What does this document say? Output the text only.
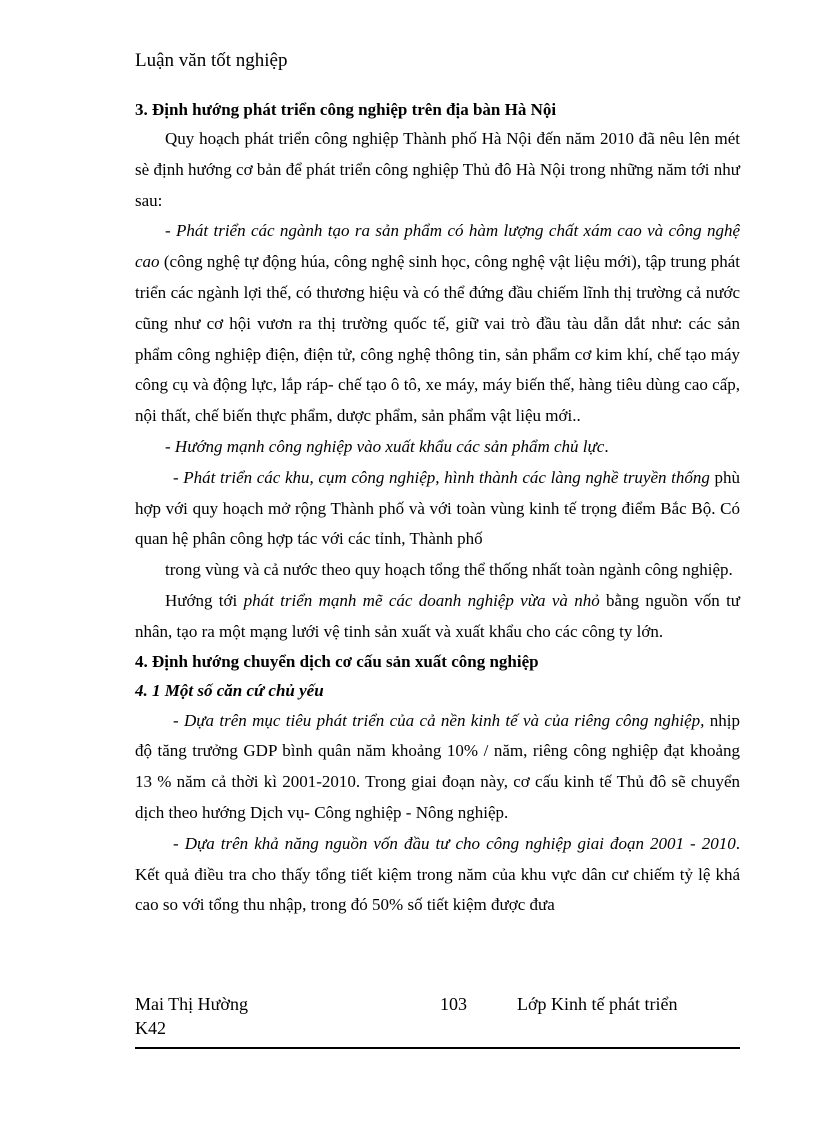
Luận văn tốt nghiệp

3. Định hướng phát triển công nghiệp trên địa bàn Hà Nội

Quy hoạch phát triển công nghiệp Thành phố Hà Nội đến năm 2010 đã nêu lên mét sè định hướng cơ bản để phát triển công nghiệp Thủ đô Hà Nội trong những năm tới như sau:

- Phát triển các ngành tạo ra sản phẩm có hàm lượng chất xám cao và công nghệ cao (công nghệ tự động húa, công nghệ sinh học, công nghệ vật liệu mới), tập trung phát triển các ngành lợi thế, có thương hiệu và có thể đứng đầu chiếm lĩnh thị trường cả nước cũng như cơ hội vươn ra thị trường quốc tế, giữ vai trò đầu tàu dẫn dắt như: các sản phẩm công nghiệp điện, điện tử, công nghệ thông tin, sản phẩm cơ kim khí, chế tạo máy công cụ và động lực, lắp ráp- chế tạo ô tô, xe máy, máy biến thế, hàng tiêu dùng cao cấp, nội thất, chế biến thực phẩm, dược phẩm, sản phẩm vật liệu mới..

- Hướng mạnh công nghiệp vào xuất khẩu các sản phẩm chủ lực.

- Phát triển các khu, cụm công nghiệp, hình thành các làng nghề truyền thống phù hợp với quy hoạch mở rộng Thành phố và với toàn vùng kinh tế trọng điểm Bắc Bộ. Có quan hệ phân công hợp tác với các tỉnh, Thành phố

trong vùng và cả nước theo quy hoạch tổng thể thống nhất toàn ngành công nghiệp.

Hướng tới phát triển mạnh mẽ các doanh nghiệp vừa và nhỏ bằng nguồn vốn tư nhân, tạo ra một mạng lưới vệ tinh sản xuất và xuất khẩu cho các công ty lớn.

4. Định hướng chuyển dịch cơ cấu sản xuất công nghiệp

4. 1 Một số căn cứ chủ yếu

- Dựa trên mục tiêu phát triển của cả nền kinh tế và của riêng công nghiệp, nhịp độ tăng trưởng GDP bình quân năm khoảng 10% / năm, riêng công nghiệp đạt khoảng 13 % năm cả thời kì 2001-2010. Trong giai đoạn này, cơ cấu kinh tế Thủ đô sẽ chuyển dịch theo hướng Dịch vụ- Công nghiệp - Nông nghiệp.

- Dựa trên khả năng nguồn vốn đầu tư cho công nghiệp giai đoạn 2001 - 2010. Kết quả điều tra cho thấy tổng tiết kiệm trong năm của khu vực dân cư chiếm tỷ lệ khá cao so với tổng thu nhập, trong đó 50% số tiết kiệm được đưa

Mai Thị Hường	103	Lớp Kinh tế phát triển
K42
